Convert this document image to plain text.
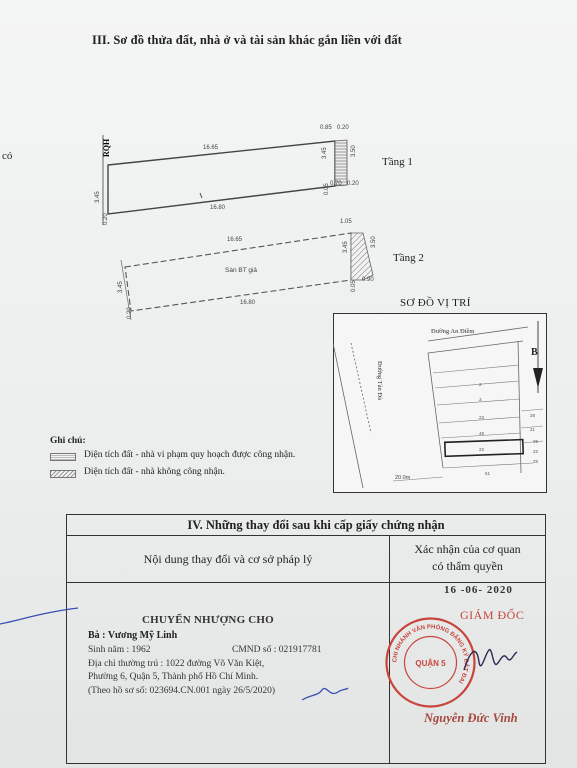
III. Sơ đồ thửa đất, nhà ở và tài sản khác gắn liền với đất
có
16.65
16.80
3.45
0.20
0.85 0.20
3.50
0.70 0.20
3.45
0.05
RQH
16.65
16.80
1.05
3.45	3.50
0.90
3.45
0.20
0.05
Sàn BT giả
Tầng 1
Tầng 2
SƠ ĐỒ VỊ TRÍ
Đường An Điềm
Đường Tản Đà
B
20.0m
2
3
23
48
22
51
28
21
25
22
25
Ghi chú:
Diện tích đất - nhà vi phạm quy hoạch được công nhận.
Diện tích đất - nhà không công nhận.
IV. Những thay đổi sau khi cấp giấy chứng nhận
Nội dung thay đổi và cơ sở pháp lý
Xác nhận của cơ quan
có thẩm quyền
CHUYỂN NHƯỢNG CHO
Bà : Vương Mỹ Linh
Sinh năm : 1962	CMND số : 021917781
Địa chỉ thường trú : 1022 đường Võ Văn Kiệt,
Phường 6, Quận 5, Thành phố Hồ Chí Minh.
(Theo hồ sơ số: 023694.CN.001 ngày 26/5/2020)
16 -06- 2020
GIÁM ĐỐC
CHI NHÁNH VĂN PHÒNG ĐĂNG KÝ ĐẤT ĐAI
QUẬN 5
Nguyễn Đức Vinh
